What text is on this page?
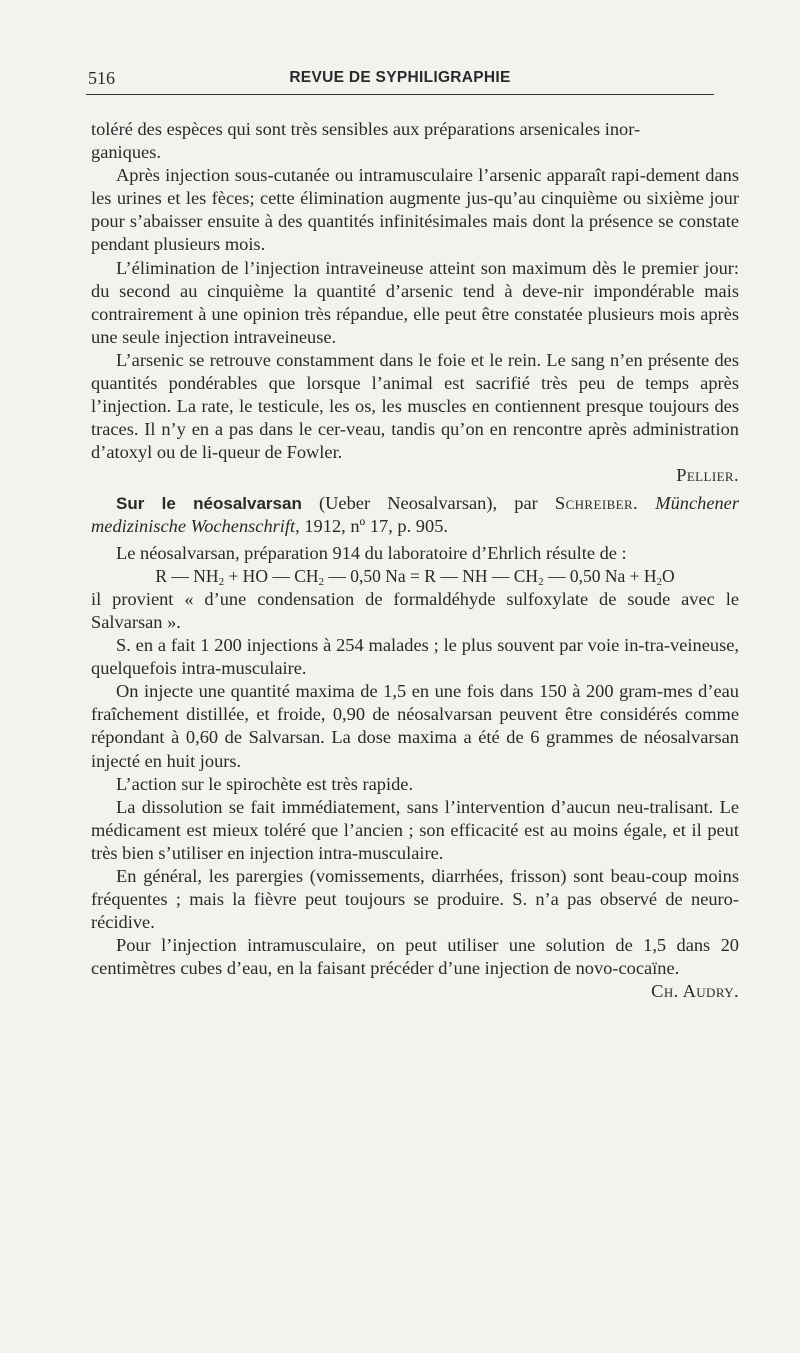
516	REVUE DE SYPHILIGRAPHIE

toléré des espèces qui sont très sensibles aux préparations arsenicales inor-

ganiques.

Après injection sous-cutanée ou intramusculaire l’arsenic apparaît rapi-dement dans les urines et les fèces; cette élimination augmente jus-qu’au cinquième ou sixième jour pour s’abaisser ensuite à des quantités infinitésimales mais dont la présence se constate pendant plusieurs mois.

L’élimination de l’injection intraveineuse atteint son maximum dès le premier jour: du second au cinquième la quantité d’arsenic tend à deve-nir impondérable mais contrairement à une opinion très répandue, elle peut être constatée plusieurs mois après une seule injection intraveineuse.

L’arsenic se retrouve constamment dans le foie et le rein. Le sang n’en présente des quantités pondérables que lorsque l’animal est sacrifié très peu de temps après l’injection. La rate, le testicule, les os, les muscles en contiennent presque toujours des traces. Il n’y en a pas dans le cer-veau, tandis qu’on en rencontre après administration d’atoxyl ou de li-queur de Fowler.
Pellier.

Sur le néosalvarsan (Ueber Neosalvarsan), par Schreiber. Münchener medizinische Wochenschrift, 1912, nº 17, p. 905.

Le néosalvarsan, préparation 914 du laboratoire d’Ehrlich résulte de :

R — $NH_2$ + HO — $CH_2$ — 0,50 Na = R — NH — $CH_2$ — 0,50 $Na + H_2O$

il provient « d’une condensation de formaldéhyde sulfoxylate de soude avec le Salvarsan ».

S. en a fait 1 200 injections à 254 malades ; le plus souvent par voie in-tra-veineuse, quelquefois intra-musculaire.

On injecte une quantité maxima de 1,5 en une fois dans 150 à 200 gram-mes d’eau fraîchement distillée, et froide, 0,90 de néosalvarsan peuvent être considérés comme répondant à 0,60 de Salvarsan. La dose maxima a été de 6 grammes de néosalvarsan injecté en huit jours.

L’action sur le spirochète est très rapide.

La dissolution se fait immédiatement, sans l’intervention d’aucun neu-tralisant. Le médicament est mieux toléré que l’ancien ; son efficacité est au moins égale, et il peut très bien s’utiliser en injection intra-musculaire.

En général, les parergies (vomissements, diarrhées, frisson) sont beau-coup moins fréquentes ; mais la fièvre peut toujours se produire. S. n’a pas observé de neuro-récidive.

Pour l’injection intramusculaire, on peut utiliser une solution de 1,5 dans 20 centimètres cubes d’eau, en la faisant précéder d’une injection de novo-cocaïne.
Ch. Audry.
